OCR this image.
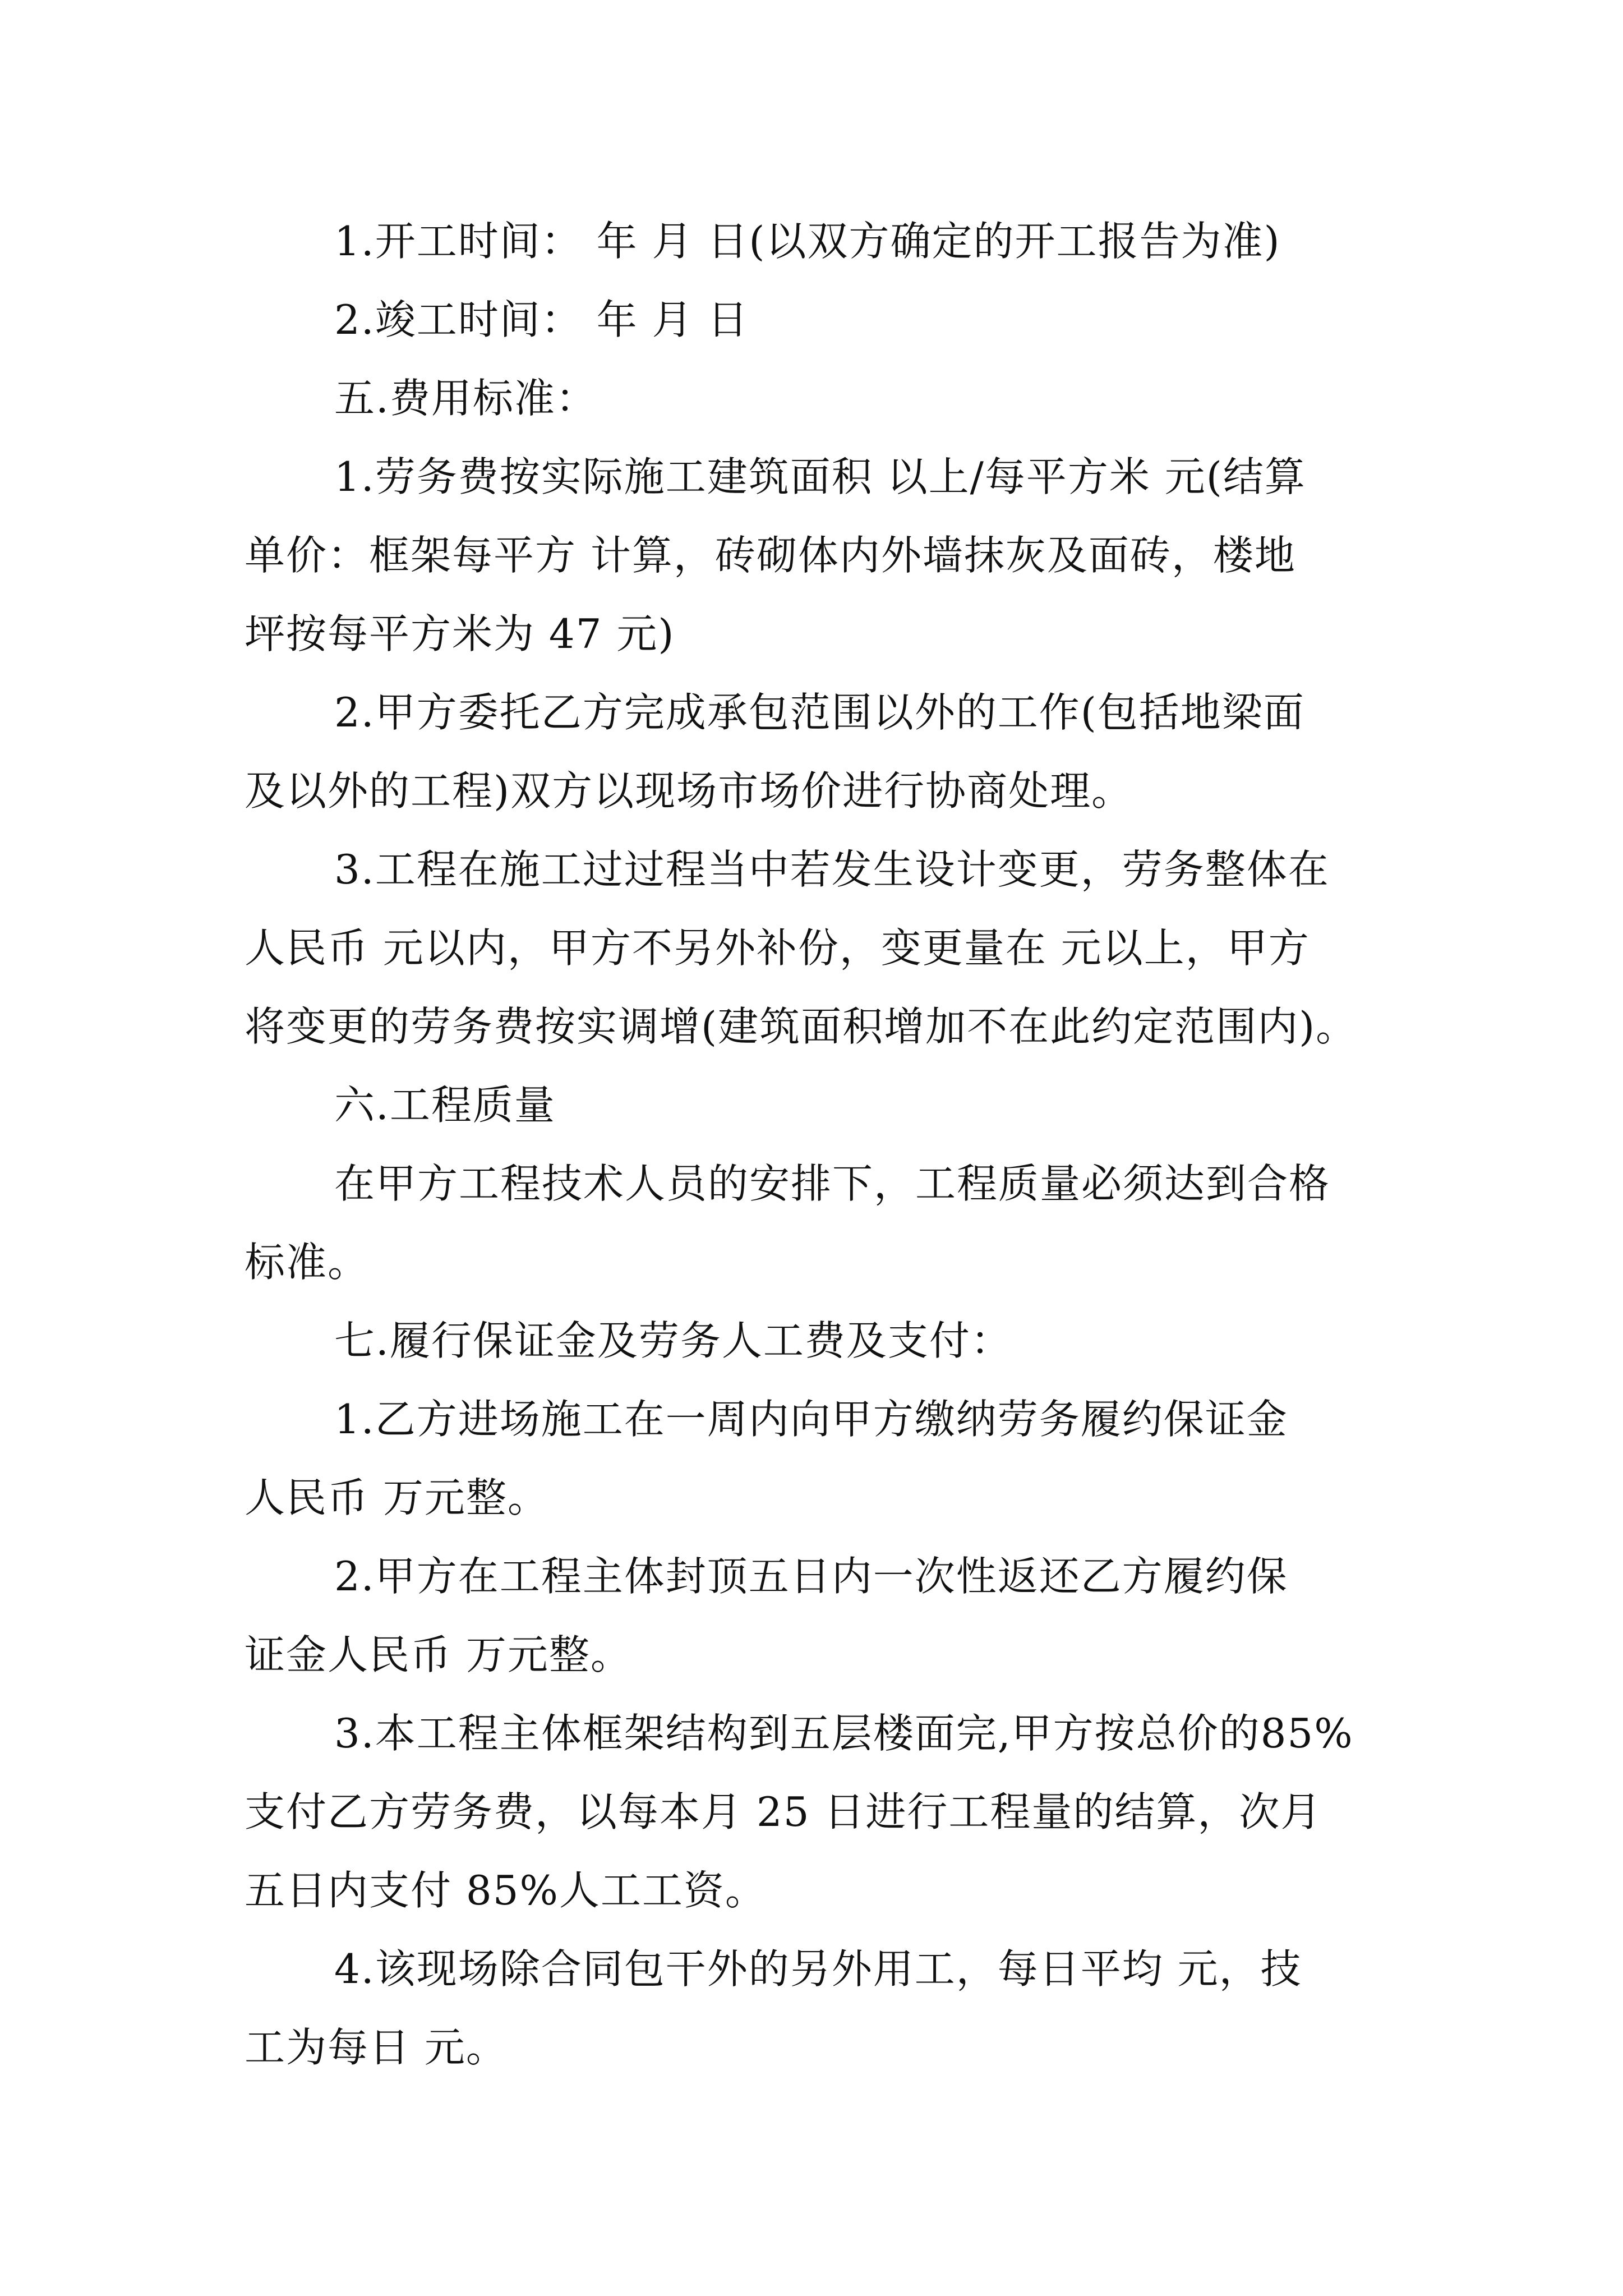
1.开工时间： 年 月 日(以双方确定的开工报告为准)
2.竣工时间： 年 月 日
五.费用标准：
1.劳务费按实际施工建筑面积 以上/每平方米 元(结算
单价：框架每平方 计算，砖砌体内外墙抹灰及面砖，楼地
坪按每平方米为 47 元)
2.甲方委托乙方完成承包范围以外的工作(包括地梁面
及以外的工程)双方以现场市场价进行协商处理。
3.工程在施工过过程当中若发生设计变更，劳务整体在
人民币 元以内，甲方不另外补份，变更量在 元以上，甲方
将变更的劳务费按实调增(建筑面积增加不在此约定范围内)。
六.工程质量
在甲方工程技术人员的安排下，工程质量必须达到合格
标准。
七.履行保证金及劳务人工费及支付：
1.乙方进场施工在一周内向甲方缴纳劳务履约保证金
人民币 万元整。
2.甲方在工程主体封顶五日内一次性返还乙方履约保
证金人民币 万元整。
3.本工程主体框架结构到五层楼面完,甲方按总价的85%
支付乙方劳务费，以每本月 25 日进行工程量的结算，次月
五日内支付 85%人工工资。
4.该现场除合同包干外的另外用工，每日平均 元，技
工为每日 元。
